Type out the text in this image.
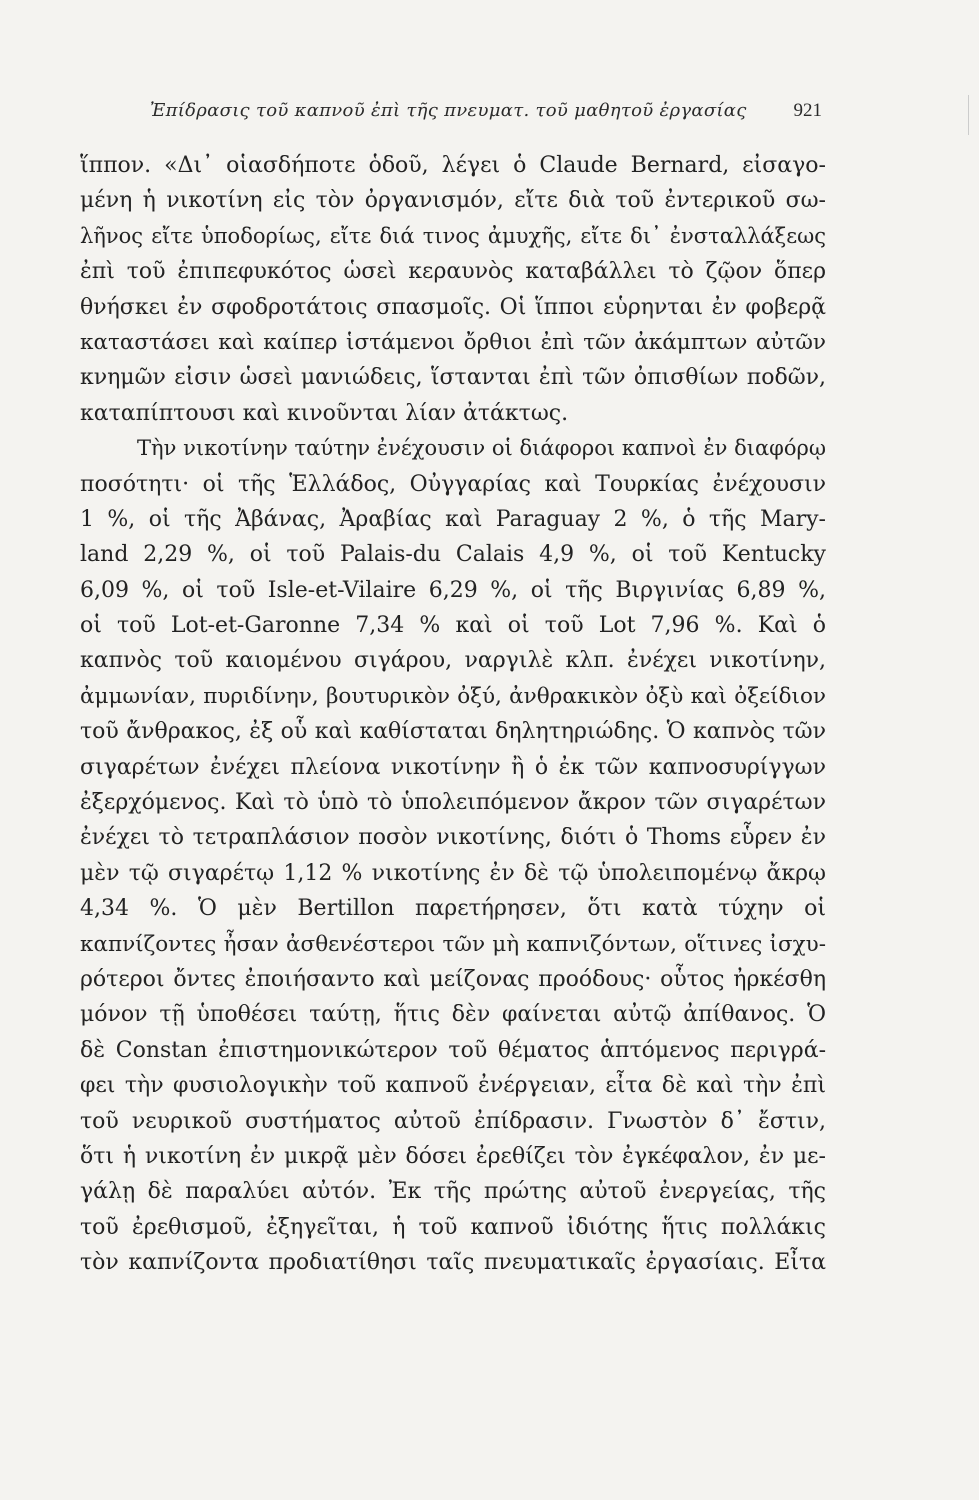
Ἐπίδρασις τοῦ καπνοῦ ἐπὶ τῆς πνευματ. τοῦ μαθητοῦ ἐργασίας 921
ἵππον. «Δι᾽ οἱασδήποτε ὁδοῦ, λέγει ὁ Claude Bernard, εἰσαγο-
μένη ἡ νικοτίνη εἰς τὸν ὀργανισμόν, εἴτε διὰ τοῦ ἐντερικοῦ σω-
λῆνος εἴτε ὑποδορίως, εἴτε διά τινος ἀμυχῆς, εἴτε δι᾽ ἐνσταλλάξεως
ἐπὶ τοῦ ἐπιπεφυκότος ὡσεὶ κεραυνὸς καταβάλλει τὸ ζῷον ὅπερ
θνήσκει ἐν σφοδροτάτοις σπασμοῖς. Οἱ ἵπποι εὑρηνται ἐν φοβερᾷ
καταστάσει καὶ καίπερ ἱστάμενοι ὄρθιοι ἐπὶ τῶν ἀκάμπτων αὐτῶν
κνημῶν εἰσιν ὡσεὶ μανιώδεις, ἵστανται ἐπὶ τῶν ὀπισθίων ποδῶν,
καταπίπτουσι καὶ κινοῦνται λίαν ἀτάκτως.
Τὴν νικοτίνην ταύτην ἐνέχουσιν οἱ διάφοροι καπνοὶ ἐν διαφόρῳ
ποσότητι· οἱ τῆς Ἑλλάδος, Οὐγγαρίας καὶ Τουρκίας ἐνέχουσιν
1 %, οἱ τῆς Ἀβάνας, Ἀραβίας καὶ Paraguay 2 %, ὁ τῆς Mary-
land 2,29 %, οἱ τοῦ Palais-du Calais 4,9 %, οἱ τοῦ Kentucky
6,09 %, οἱ τοῦ Isle-et-Vilaire 6,29 %, οἱ τῆς Βιργινίας 6,89 %,
οἱ τοῦ Lot-et-Garonne 7,34 % καὶ οἱ τοῦ Lot 7,96 %. Καὶ ὁ
καπνὸς τοῦ καιομένου σιγάρου, ναργιλὲ κλπ. ἐνέχει νικοτίνην,
ἀμμωνίαν, πυριδίνην, βουτυρικὸν ὀξύ, ἀνθρακικὸν ὀξὺ καὶ ὀξείδιον
τοῦ ἄνθρακος, ἐξ οὗ καὶ καθίσταται δηλητηριώδης. Ὁ καπνὸς τῶν
σιγαρέτων ἐνέχει πλείονα νικοτίνην ἢ ὁ ἐκ τῶν καπνοσυρίγγων
ἐξερχόμενος. Καὶ τὸ ὑπὸ τὸ ὑπολειπόμενον ἄκρον τῶν σιγαρέτων
ἐνέχει τὸ τετραπλάσιον ποσὸν νικοτίνης, διότι ὁ Thoms εὗρεν ἐν
μὲν τῷ σιγαρέτῳ 1,12 % νικοτίνης ἐν δὲ τῷ ὑπολειπομένῳ ἄκρῳ
4,34 %. Ὁ μὲν Bertillon παρετήρησεν, ὅτι κατὰ τύχην οἱ
καπνίζοντες ἦσαν ἀσθενέστεροι τῶν μὴ καπνιζόντων, οἵτινες ἰσχυ-
ρότεροι ὄντες ἐποιήσαντο καὶ μείζονας προόδους· οὗτος ἠρκέσθη
μόνον τῇ ὑποθέσει ταύτῃ, ἥτις δὲν φαίνεται αὐτῷ ἀπίθανος. Ὁ
δὲ Constan ἐπιστημονικώτερον τοῦ θέματος ἁπτόμενος περιγρά-
φει τὴν φυσιολογικὴν τοῦ καπνοῦ ἐνέργειαν, εἶτα δὲ καὶ τὴν ἐπὶ
τοῦ νευρικοῦ συστήματος αὐτοῦ ἐπίδρασιν. Γνωστὸν δ᾽ ἔστιν,
ὅτι ἡ νικοτίνη ἐν μικρᾷ μὲν δόσει ἐρεθίζει τὸν ἐγκέφαλον, ἐν με-
γάλῃ δὲ παραλύει αὐτόν. Ἐκ τῆς πρώτης αὐτοῦ ἐνεργείας, τῆς
τοῦ ἐρεθισμοῦ, ἐξηγεῖται, ἡ τοῦ καπνοῦ ἰδιότης ἥτις πολλάκις
τὸν καπνίζοντα προδιατίθησι ταῖς πνευματικαῖς ἐργασίαις. Εἶτα
